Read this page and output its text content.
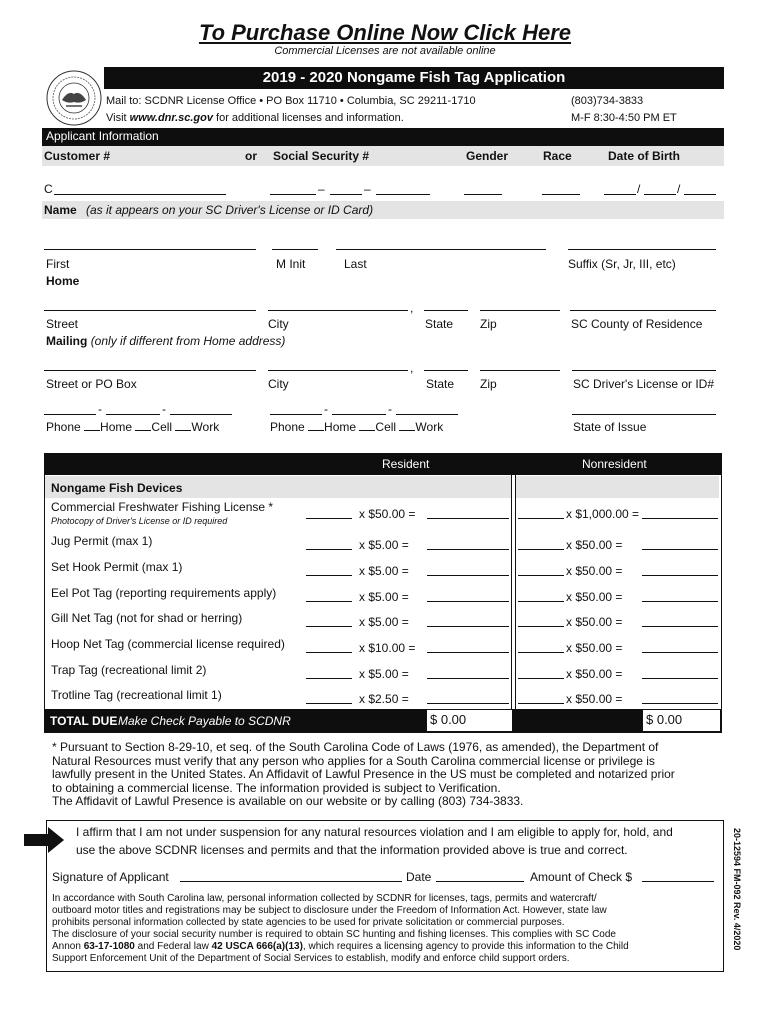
To Purchase Online Now Click Here
Commercial Licenses are not available online
2019 - 2020 Nongame Fish Tag Application
Mail to: SCDNR License Office • PO Box 11710 • Columbia, SC 29211-1710	(803)734-3833
Visit www.dnr.sc.gov for additional licenses and information.	M-F 8:30-4:50 PM ET
Applicant Information
Customer #	or Social Security #	Gender	Race	Date of Birth
C	–	–	/	/
Name (as it appears on your SC Driver's License or ID Card)
First	M Init	Last	Suffix (Sr, Jr, III, etc)
Home
,
Street	City	State Zip	SC County of Residence
Mailing (only if different from Home address)
,
Street or PO Box	City	State Zip	SC Driver's License or ID#
-	-	-	-
Phone Home Cell Work	Phone Home Cell Work	State of Issue
Resident	Nonresident
Nongame Fish Devices
Commercial Freshwater Fishing License *
Photocopy of Driver's License or ID required	x $50.00 =	x $1,000.00 =
Jug Permit (max 1)	x $5.00 =	x $50.00 =
Set Hook Permit (max 1)	x $5.00 =	x $50.00 =
Eel Pot Tag (reporting requirements apply)	x $5.00 =	x $50.00 =
Gill Net Tag (not for shad or herring)	x $5.00 =	x $50.00 =
Hoop Net Tag (commercial license required)	x $10.00 =	x $50.00 =
Trap Tag (recreational limit 2)	x $5.00 =	x $50.00 =
Trotline Tag (recreational limit 1)	x $2.50 =	x $50.00 =
TOTAL DUE Make Check Payable to SCDNR	$ 0.00	$ 0.00
* Pursuant to Section 8-29-10, et seq. of the South Carolina Code of Laws (1976, as amended), the Department of
Natural Resources must verify that any person who applies for a South Carolina commercial license or privilege is
lawfully present in the United States. An Affidavit of Lawful Presence in the US must be completed and notarized prior
to obtaining a commercial license. The information provided is subject to Verification.
The Affidavit of Lawful Presence is available on our website or by calling (803) 734-3833.
I affirm that I am not under suspension for any natural resources violation and I am eligible to apply for, hold, and
use the above SCDNR licenses and permits and that the information provided above is true and correct.
Signature of Applicant	Date	Amount of Check $
In accordance with South Carolina law, personal information collected by SCDNR for licenses, tags, permits and watercraft/
outboard motor titles and registrations may be subject to disclosure under the Freedom of Information Act. However, state law
prohibits personal information collected by state agencies to be used for private solicitation or commercial purposes.
The disclosure of your social security number is required to obtain SC hunting and fishing licenses. This complies with SC Code
Annon 63-17-1080 and Federal law 42 USCA 666(a)(13), which requires a licensing agency to provide this information to the Child
Support Enforcement Unit of the Department of Social Services to establish, modify and enforce child support orders.
20-12594 FM-092 Rev. 4/2020
